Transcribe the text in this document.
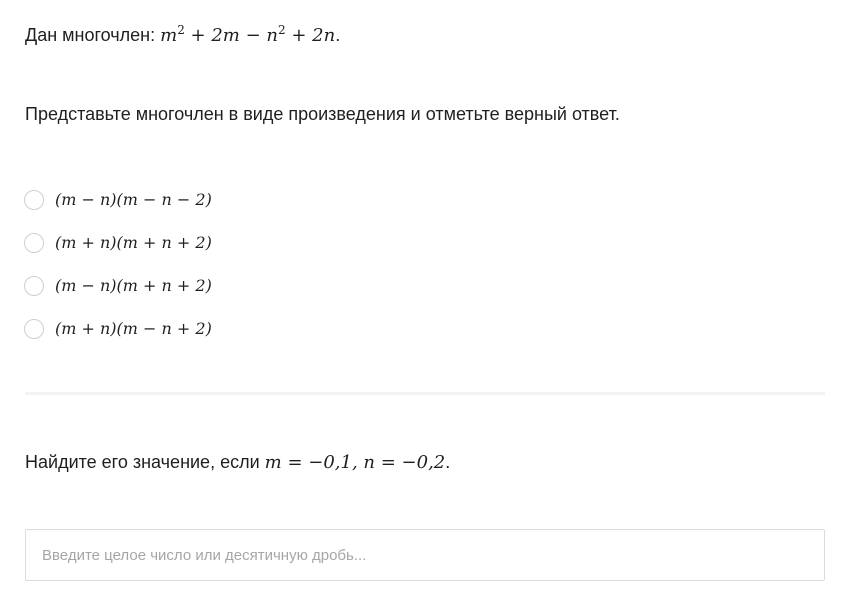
Дан многочлен: $m^2 + 2m - n^2 + 2n$.
Представьте многочлен в виде произведения и отметьте верный ответ.
(m − n)(m − n − 2)
(m + n)(m + n + 2)
(m − n)(m + n + 2)
(m + n)(m − n + 2)
Найдите его значение, если m = −0,1, n = −0,2.
Введите целое число или десятичную дробь...
